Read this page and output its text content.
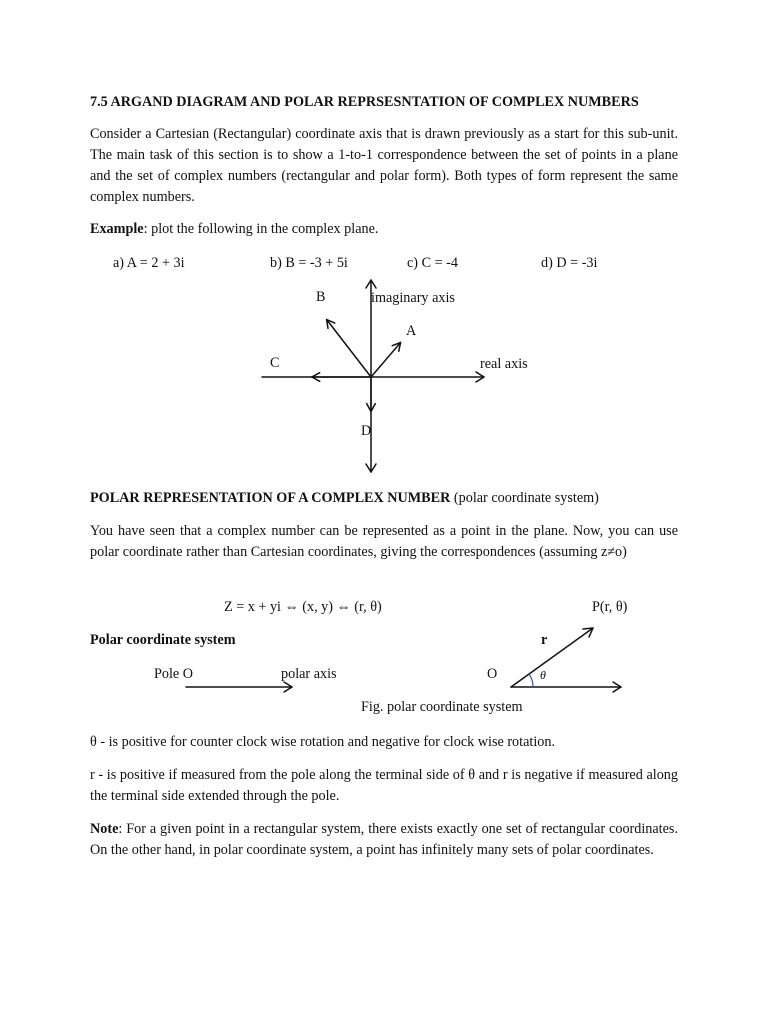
7.5 ARGAND DIAGRAM AND POLAR REPRSESNTATION OF COMPLEX NUMBERS
Consider a Cartesian (Rectangular) coordinate axis that is drawn previously as a start for this sub-unit. The main task of this section is to show a 1-to-1 correspondence between the set of points in a plane and the set of complex numbers (rectangular and polar form). Both types of form represent the same complex numbers.
Example: plot the following in the complex plane.
a) A = 2 + 3i	b) B = -3 + 5i	c) C = -4	d) D = -3i
imaginary axis
real axis
B
A
C
D
POLAR REPRESENTATION OF A COMPLEX NUMBER (polar coordinate system)
You have seen that a complex number can be represented as a point in the plane. Now, you can use polar coordinate rather than Cartesian coordinates, giving the correspondences (assuming z≠o)
Z = x + yi ⇔ (x, y) ⇔ (r, θ)	P(r, θ)
Polar coordinate system	r
Pole O	polar axis	O	θ
Fig. polar coordinate system
θ - is positive for counter clock wise rotation and negative for clock wise rotation.
r - is positive if measured from the pole along the terminal side of θ and r is negative if measured along the terminal side extended through the pole.
Note: For a given point in a rectangular system, there exists exactly one set of rectangular coordinates. On the other hand, in polar coordinate system, a point has infinitely many sets of polar coordinates.
